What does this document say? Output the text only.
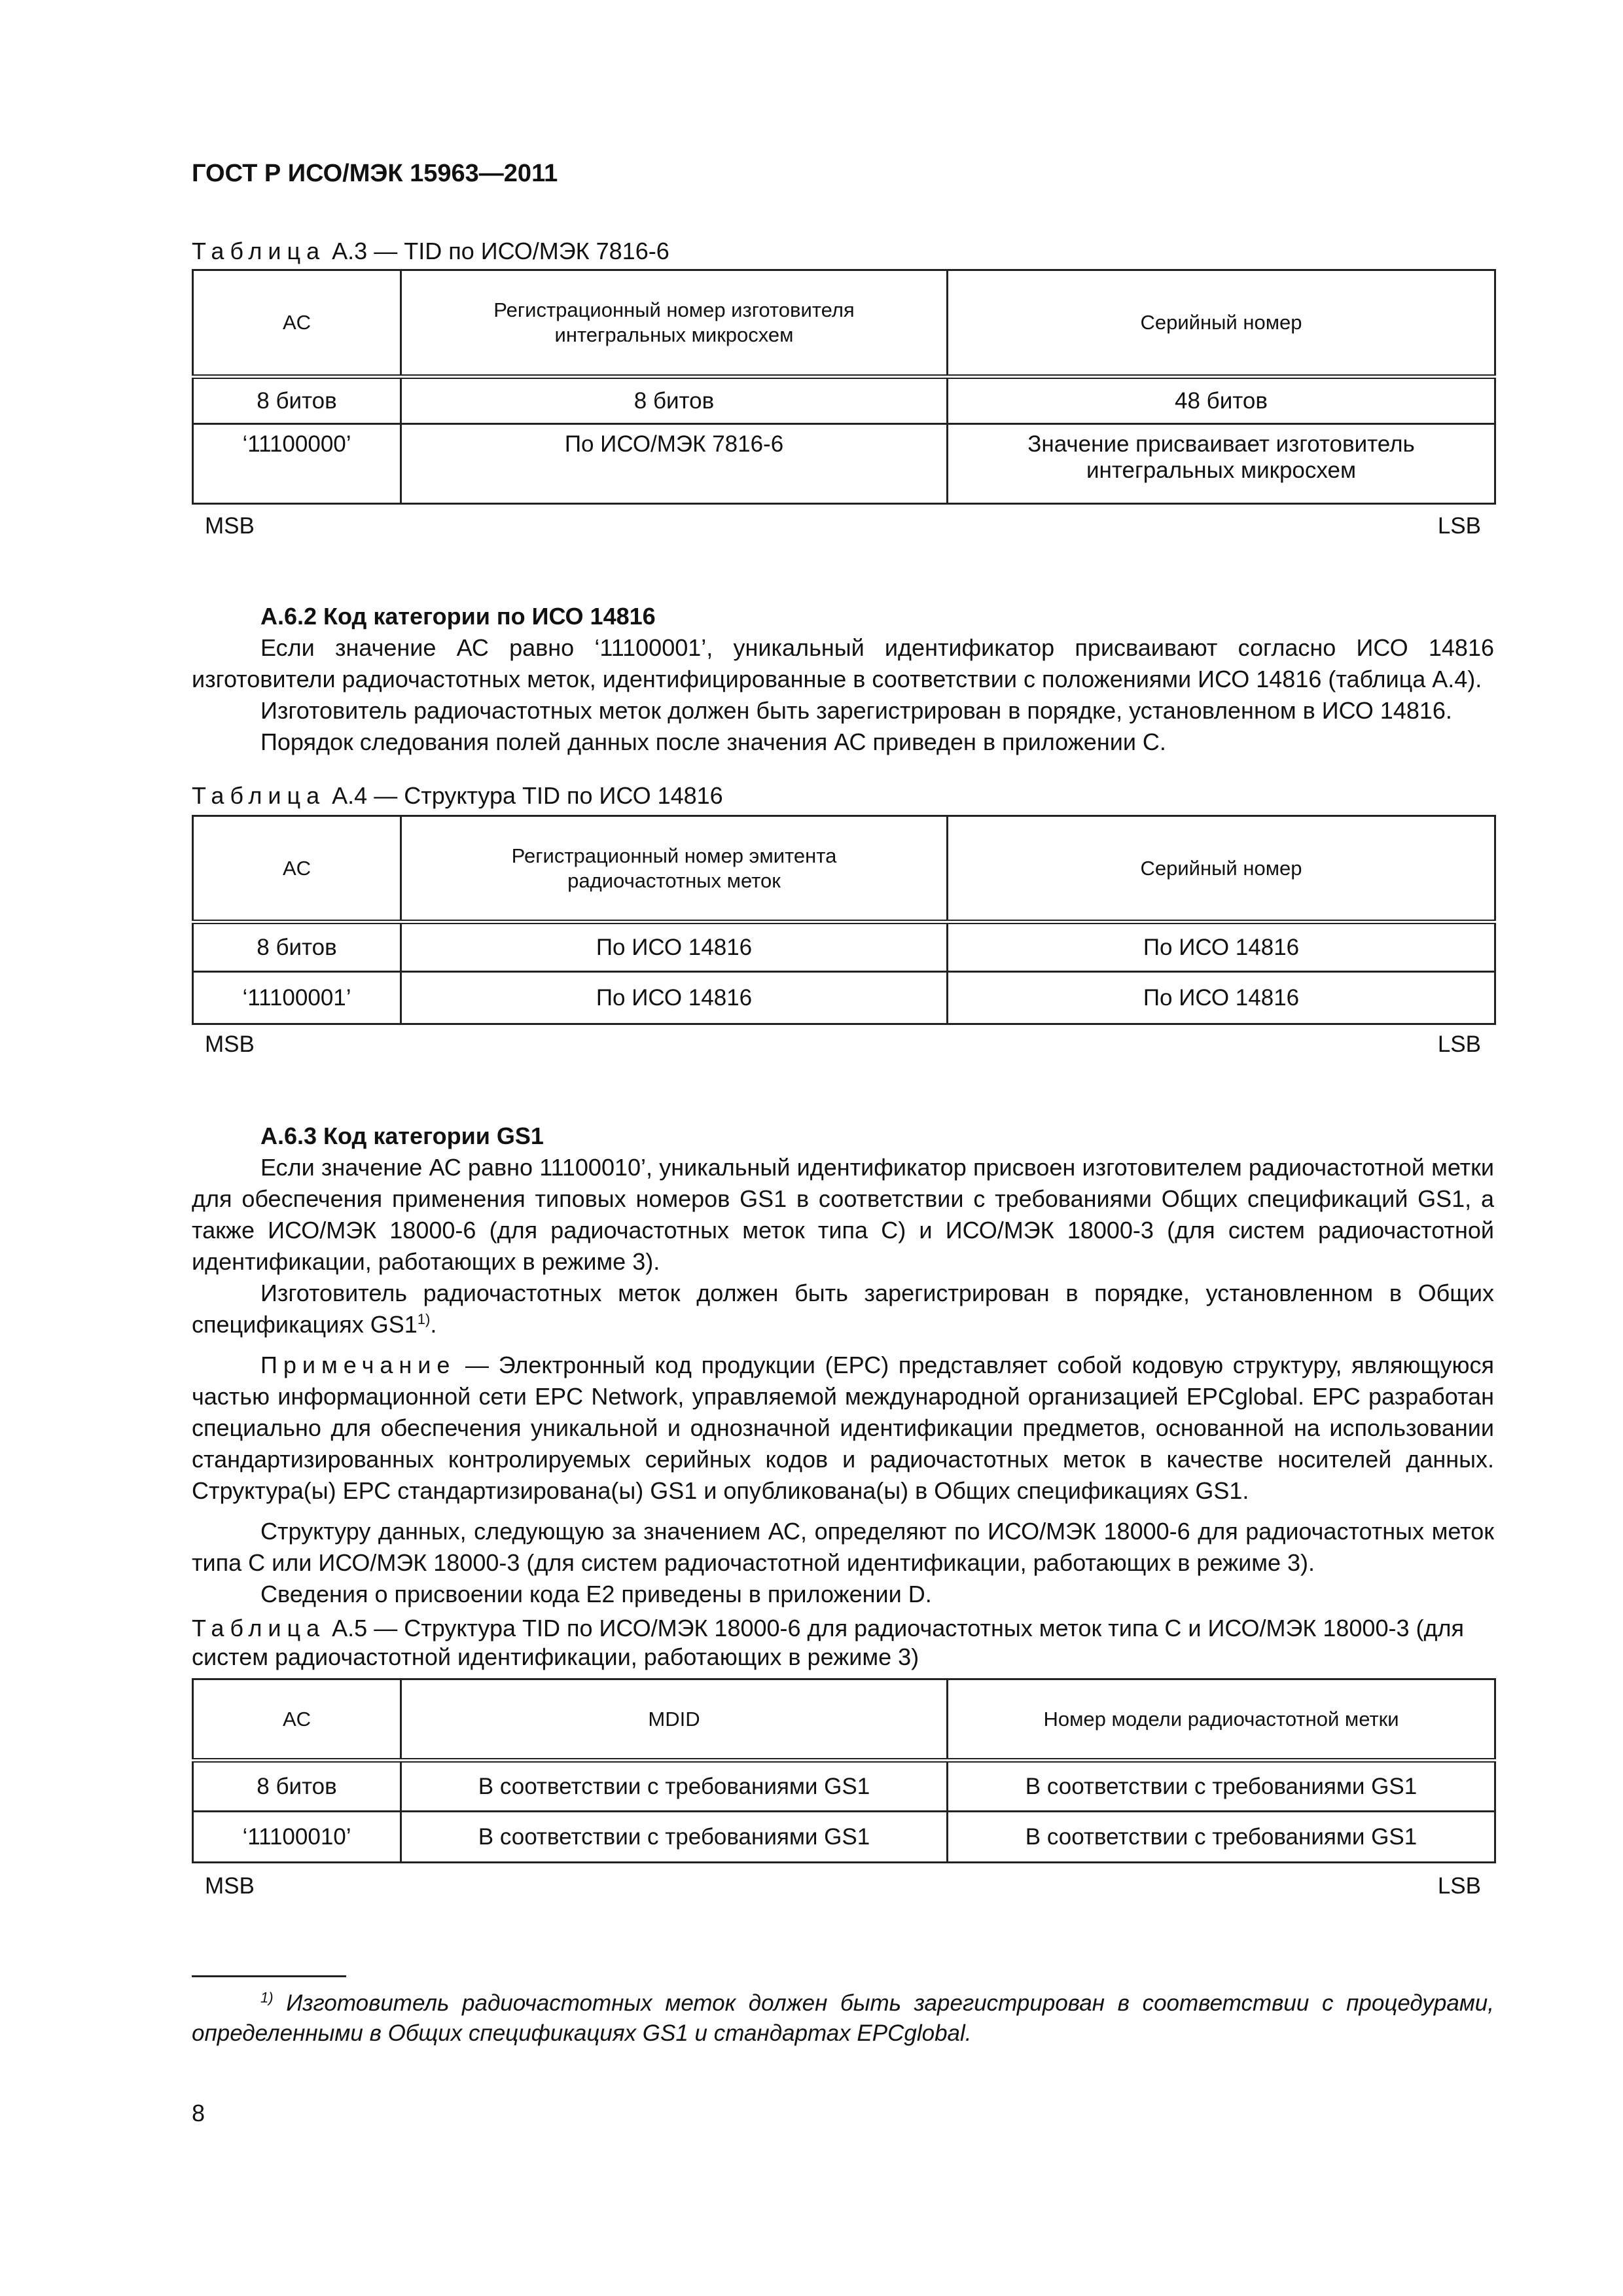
ГОСТ Р ИСО/МЭК 15963—2011
Таблица А.3 — TID по ИСО/МЭК 7816-6
AC	Регистрационный номер изготовителя интегральных микросхем	Серийный номер
8 битов	8 битов	48 битов
‘11100000’	По ИСО/МЭК 7816-6	Значение присваивает изготовитель интегральных микросхем
MSB	LSB
А.6.2 Код категории по ИСО 14816

Если значение АС равно ‘11100001’, уникальный идентификатор присваивают согласно ИСО 14816 изготовители радиочастотных меток, идентифицированные в соответствии с положениями ИСО 14816 (таблица А.4).

Изготовитель радиочастотных меток должен быть зарегистрирован в порядке, установленном в ИСО 14816.

Порядок следования полей данных после значения АС приведен в приложении С.

Таблица А.4 — Структура TID по ИСО 14816
AC	Регистрационный номер эмитента радиочастотных меток	Серийный номер
8 битов	По ИСО 14816	По ИСО 14816
‘11100001’	По ИСО 14816	По ИСО 14816
MSB	LSB
А.6.3 Код категории GS1

Если значение АС равно 11100010’, уникальный идентификатор присвоен изготовителем радиочастотной метки для обеспечения применения типовых номеров GS1 в соответствии с требованиями Общих спецификаций GS1, а также ИСО/МЭК 18000-6 (для радиочастотных меток типа С) и ИСО/МЭК 18000-3 (для систем радиочастотной идентификации, работающих в режиме 3).

Изготовитель радиочастотных меток должен быть зарегистрирован в порядке, установленном в Общих спецификациях GS1$^{1)}$.

Примечание — Электронный код продукции (ЕРС) представляет собой кодовую структуру, являющуюся частью информационной сети EPC Network, управляемой международной организацией EPCglobal. ЕРС разработан специально для обеспечения уникальной и однозначной идентификации предметов, основанной на использовании стандартизированных контролируемых серийных кодов и радиочастотных меток в качестве носителей данных. Структура(ы) ЕРС стандартизирована(ы) GS1 и опубликована(ы) в Общих спецификациях GS1.

Структуру данных, следующую за значением АС, определяют по ИСО/МЭК 18000-6 для радиочастотных меток типа С или ИСО/МЭК 18000-3 (для систем радиочастотной идентификации, работающих в режиме 3).

Сведения о присвоении кода Е2 приведены в приложении D.

Таблица А.5 — Структура TID по ИСО/МЭК 18000-6 для радиочастотных меток типа С и ИСО/МЭК 18000-3 (для систем радиочастотной идентификации, работающих в режиме 3)
AC	MDID	Номер модели радиочастотной метки
8 битов	В соответствии с требованиями GS1	В соответствии с требованиями GS1
‘11100010’	В соответствии с требованиями GS1	В соответствии с требованиями GS1
MSB	LSB
$^{1)}$ Изготовитель радиочастотных меток должен быть зарегистрирован в соответствии с процедурами, определенными в Общих спецификациях GS1 и стандартах EPCglobal.
8
